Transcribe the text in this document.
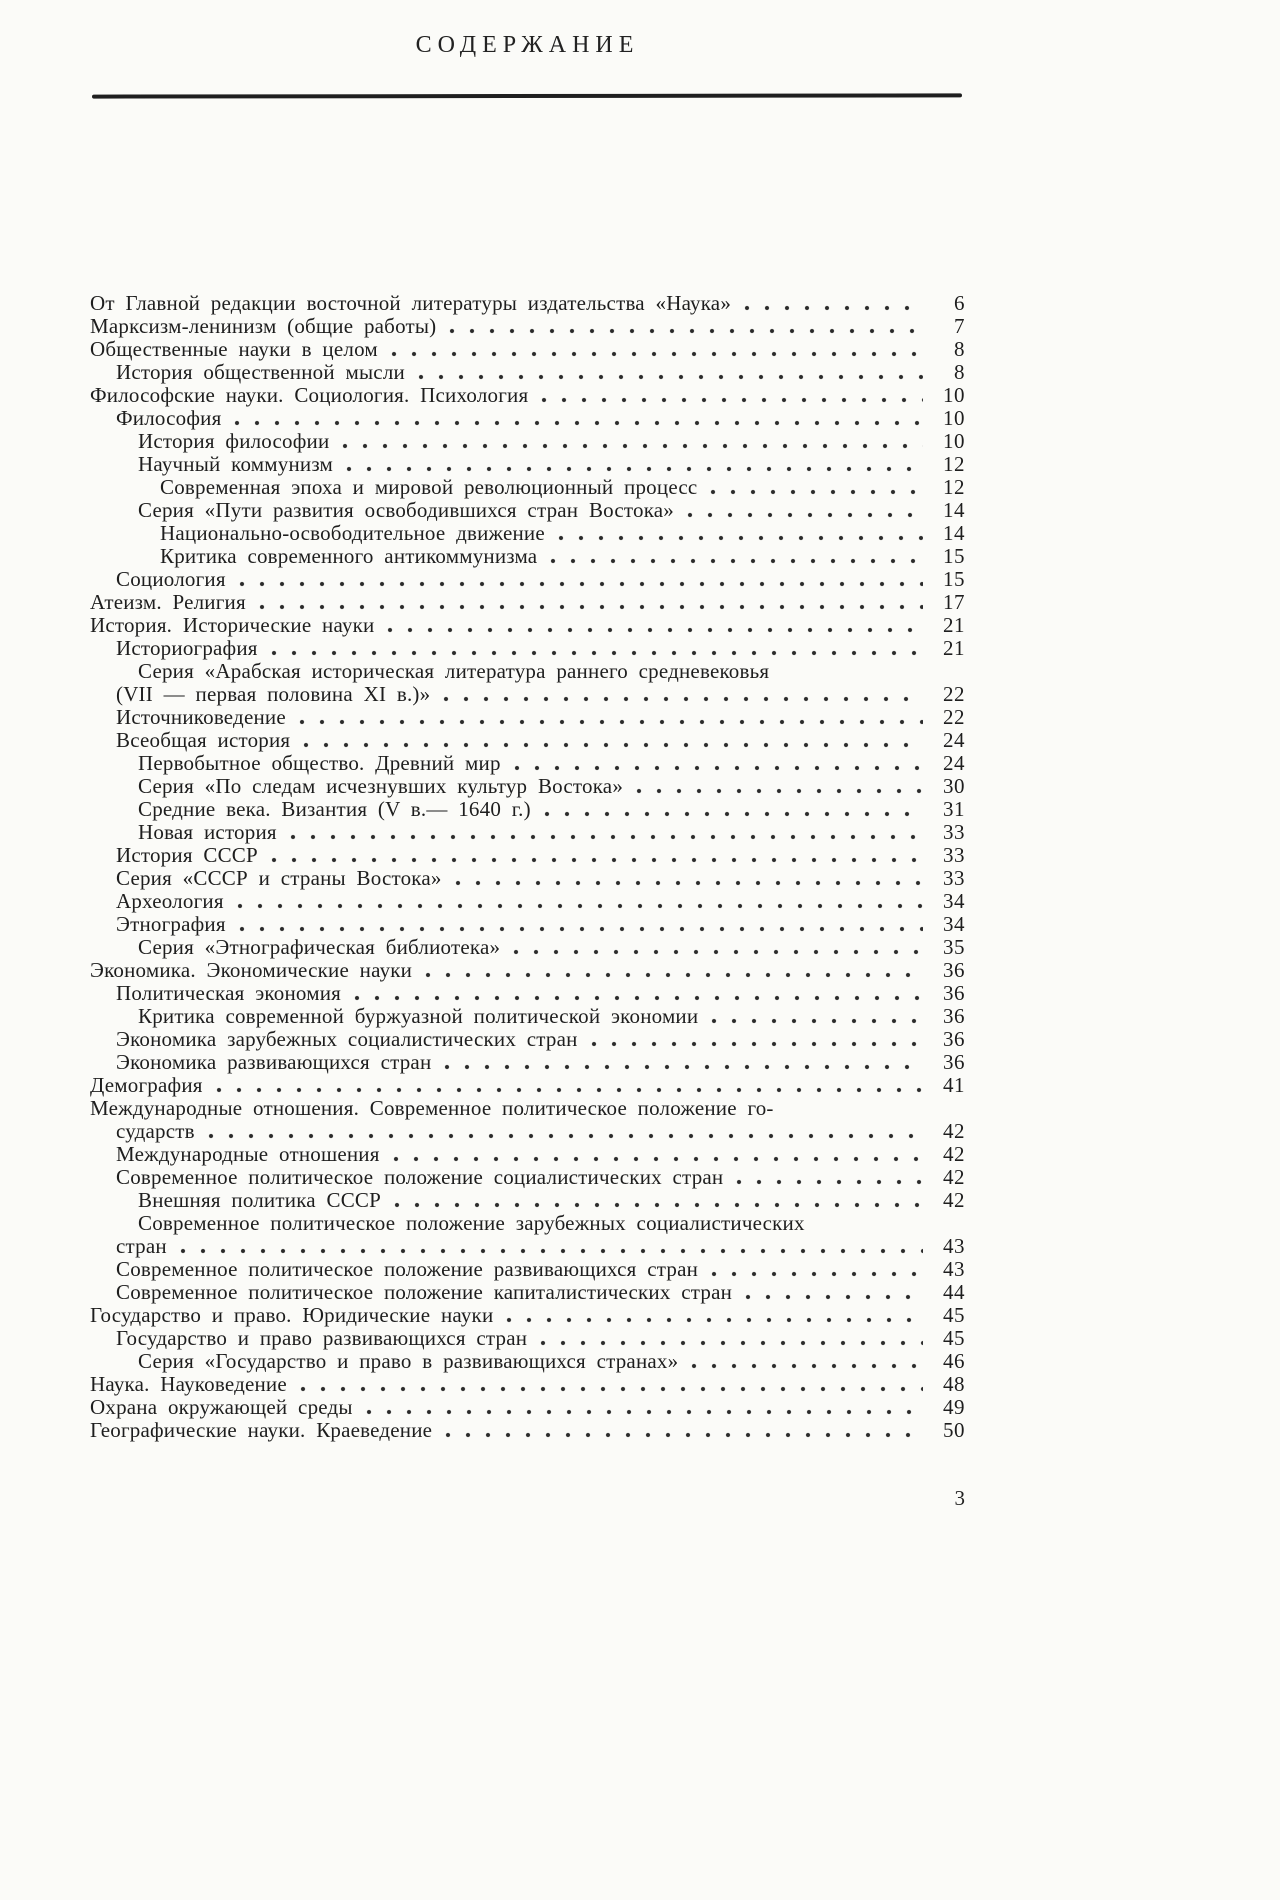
СОДЕРЖАНИЕ
От Главной редакции восточной литературы издательства «Наука»	6
Марксизм-ленинизм (общие работы)	7
Общественные науки в целом	8
История общественной мысли	8
Философские науки. Социология. Психология	10
Философия	10
История философии	10
Научный коммунизм	12
Современная эпоха и мировой революционный процесс	12
Серия «Пути развития освободившихся стран Востока»	14
Национально-освободительное движение	14
Критика современного антикоммунизма	15
Социология	15
Атеизм. Религия	17
История. Исторические науки	21
Историография	21
Серия «Арабская историческая литература раннего средневековья
(VII — первая половина XI в.)»	22
Источниковедение	22
Всеобщая история	24
Первобытное общество. Древний мир	24
Серия «По следам исчезнувших культур Востока»	30
Средние века. Византия (V в.— 1640 г.)	31
Новая история	33
История СССР	33
Серия «СССР и страны Востока»	33
Археология	34
Этнография	34
Серия «Этнографическая библиотека»	35
Экономика. Экономические науки	36
Политическая экономия	36
Критика современной буржуазной политической экономии	36
Экономика зарубежных социалистических стран	36
Экономика развивающихся стран	36
Демография	41
Международные отношения. Современное политическое положение го-
сударств	42
Международные отношения	42
Современное политическое положение социалистических стран	42
Внешняя политика СССР	42
Современное политическое положение зарубежных социалистических
стран	43
Современное политическое положение развивающихся стран	43
Современное политическое положение капиталистических стран	44
Государство и право. Юридические науки	45
Государство и право развивающихся стран	45
Серия «Государство и право в развивающихся странах»	46
Наука. Науковедение	48
Охрана окружающей среды	49
Географические науки. Краеведение	50
3
